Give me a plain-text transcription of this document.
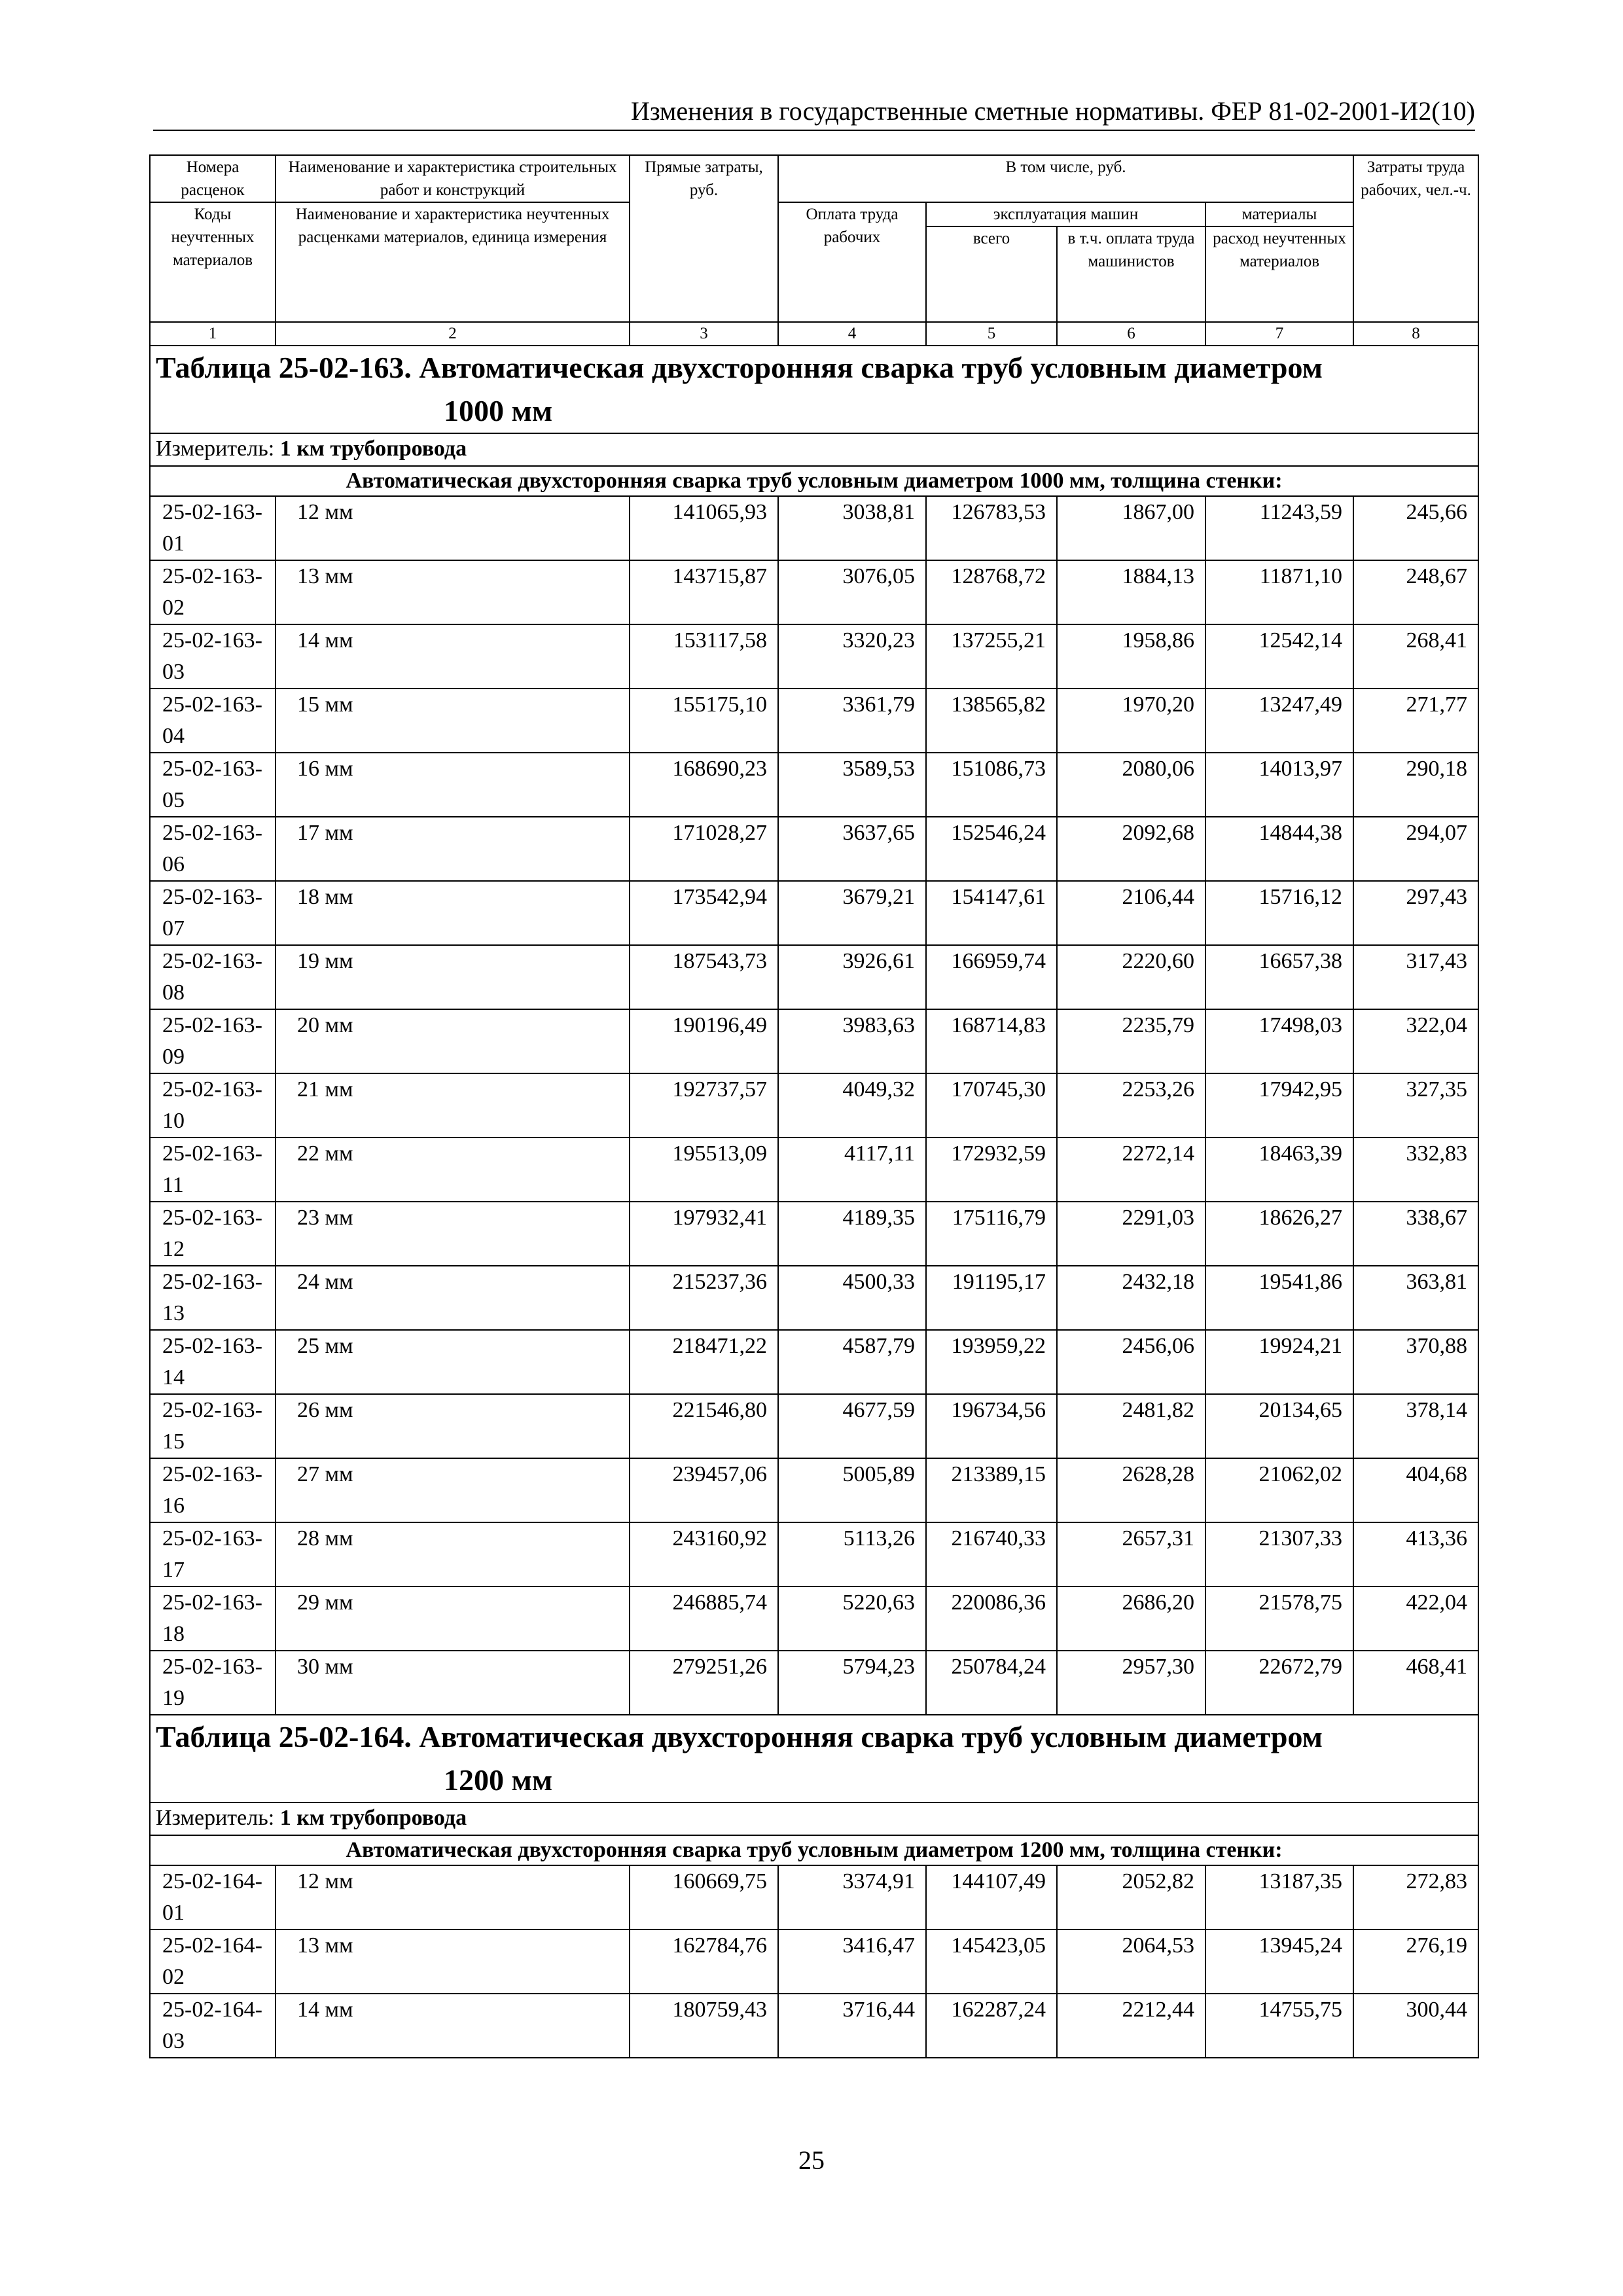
Изменения в государственные сметные нормативы. ФЕР 81-02-2001-И2(10)
Номера расценок	Наименование и характеристика строительных работ и конструкций	Прямые затраты, руб.	В том числе, руб.				Затраты труда рабочих, чел.-ч.
Коды неучтенных материалов	Наименование и характеристика неучтенных расценками материалов, единица измерения		Оплата труда рабочих	эксплуатация машин		материалы	
				всего	в т.ч. оплата труда машинистов	расход неучтенных материалов	
1	2	3	4	5	6	7	8
Таблица 25-02-163. Автоматическая двухсторонняя сварка труб условным диаметром
1000 мм							

Измеритель: 1 км трубопровода							
Автоматическая двухсторонняя сварка труб условным диаметром 1000 мм, толщина стенки:							
25-02-163-01	12 мм	141065,93	3038,81	126783,53	1867,00	11243,59	245,66
25-02-163-02	13 мм	143715,87	3076,05	128768,72	1884,13	11871,10	248,67
25-02-163-03	14 мм	153117,58	3320,23	137255,21	1958,86	12542,14	268,41
25-02-163-04	15 мм	155175,10	3361,79	138565,82	1970,20	13247,49	271,77
25-02-163-05	16 мм	168690,23	3589,53	151086,73	2080,06	14013,97	290,18
25-02-163-06	17 мм	171028,27	3637,65	152546,24	2092,68	14844,38	294,07
25-02-163-07	18 мм	173542,94	3679,21	154147,61	2106,44	15716,12	297,43
25-02-163-08	19 мм	187543,73	3926,61	166959,74	2220,60	16657,38	317,43
25-02-163-09	20 мм	190196,49	3983,63	168714,83	2235,79	17498,03	322,04
25-02-163-10	21 мм	192737,57	4049,32	170745,30	2253,26	17942,95	327,35
25-02-163-11	22 мм	195513,09	4117,11	172932,59	2272,14	18463,39	332,83
25-02-163-12	23 мм	197932,41	4189,35	175116,79	2291,03	18626,27	338,67
25-02-163-13	24 мм	215237,36	4500,33	191195,17	2432,18	19541,86	363,81
25-02-163-14	25 мм	218471,22	4587,79	193959,22	2456,06	19924,21	370,88
25-02-163-15	26 мм	221546,80	4677,59	196734,56	2481,82	20134,65	378,14
25-02-163-16	27 мм	239457,06	5005,89	213389,15	2628,28	21062,02	404,68
25-02-163-17	28 мм	243160,92	5113,26	216740,33	2657,31	21307,33	413,36
25-02-163-18	29 мм	246885,74	5220,63	220086,36	2686,20	21578,75	422,04
25-02-163-19	30 мм	279251,26	5794,23	250784,24	2957,30	22672,79	468,41
Таблица 25-02-164. Автоматическая двухсторонняя сварка труб условным диаметром
1200 мм							

Измеритель: 1 км трубопровода							
Автоматическая двухсторонняя сварка труб условным диаметром 1200 мм, толщина стенки:							
25-02-164-01	12 мм	160669,75	3374,91	144107,49	2052,82	13187,35	272,83
25-02-164-02	13 мм	162784,76	3416,47	145423,05	2064,53	13945,24	276,19
25-02-164-03	14 мм	180759,43	3716,44	162287,24	2212,44	14755,75	300,44
25
